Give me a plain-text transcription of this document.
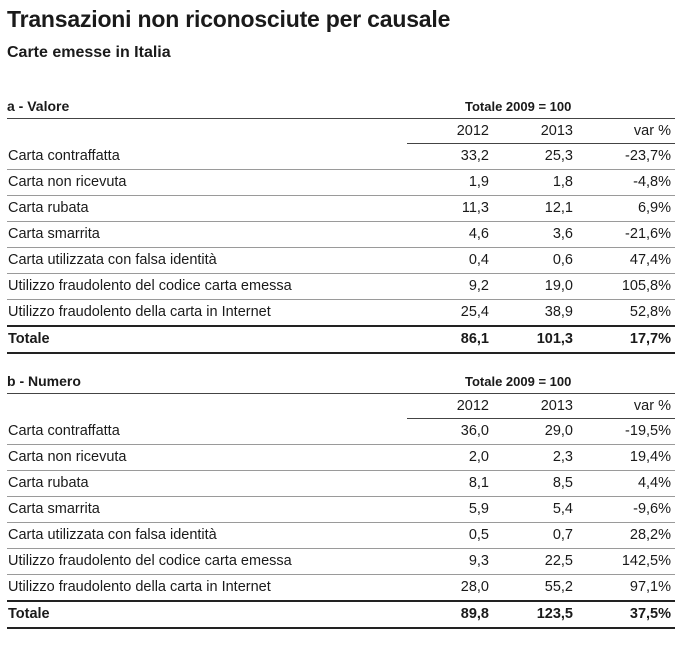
Transazioni non riconosciute per causale
Carte emesse in Italia
a - Valore	Totale 2009 = 100
	2012	2013	var %
Carta contraffatta	33,2	25,3	-23,7%
Carta non ricevuta	1,9	1,8	-4,8%
Carta rubata	11,3	12,1	6,9%
Carta smarrita	4,6	3,6	-21,6%
Carta utilizzata con falsa identità	0,4	0,6	47,4%
Utilizzo fraudolento del codice carta emessa	9,2	19,0	105,8%
Utilizzo fraudolento della carta in Internet	25,4	38,9	52,8%
Totale	86,1	101,3	17,7%
b - Numero	Totale 2009 = 100
	2012	2013	var %
Carta contraffatta	36,0	29,0	-19,5%
Carta non ricevuta	2,0	2,3	19,4%
Carta rubata	8,1	8,5	4,4%
Carta smarrita	5,9	5,4	-9,6%
Carta utilizzata con falsa identità	0,5	0,7	28,2%
Utilizzo fraudolento del codice carta emessa	9,3	22,5	142,5%
Utilizzo fraudolento della carta in Internet	28,0	55,2	97,1%
Totale	89,8	123,5	37,5%
